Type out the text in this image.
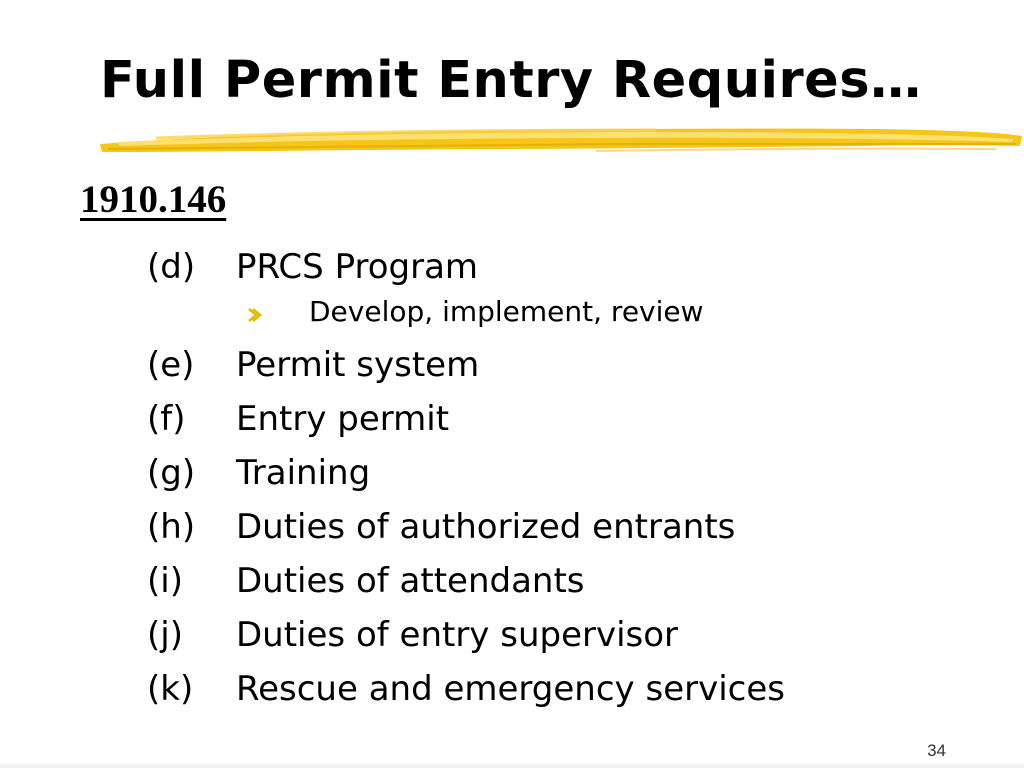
Full Permit Entry Requires…
1910.146
(d) PRCS Program
Develop, implement, review
(e) Permit system
(f) Entry permit
(g) Training
(h) Duties of authorized entrants
(i) Duties of attendants
(j) Duties of entry supervisor
(k) Rescue and emergency services
34
